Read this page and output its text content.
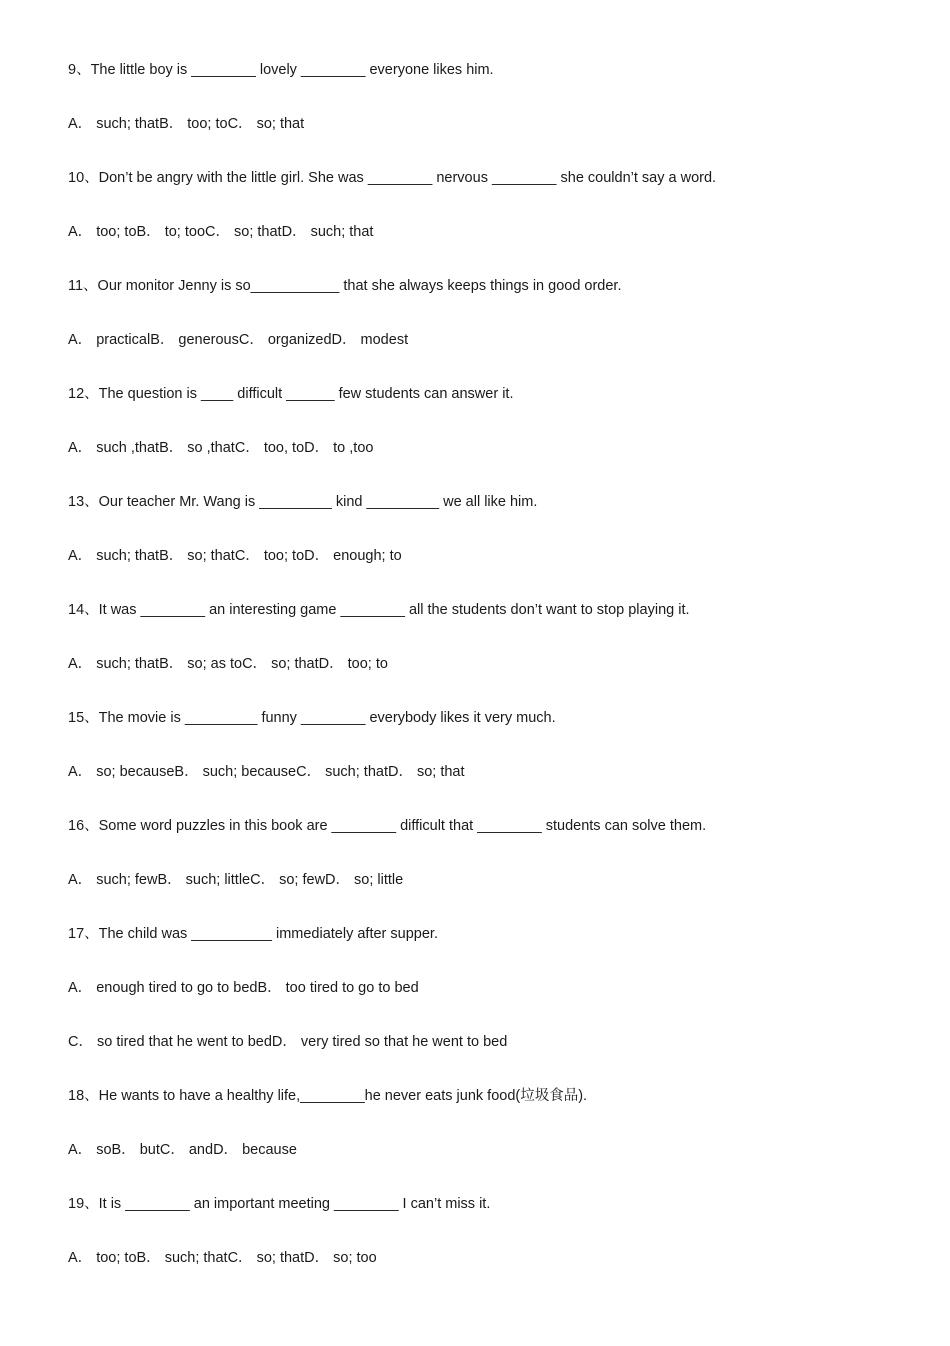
9、The little boy is ________ lovely ________ everyone likes him.
A． such; thatB． too; toC． so; that
10、Don’t be angry with the little girl. She was ________ nervous ________ she couldn’t say a word.
A． too; toB． to; tooC． so; thatD． such; that
11、Our monitor Jenny is so___________ that she always keeps things in good order.
A． practicalB． generousC． organizedD． modest
12、The question is ____ difficult ______ few students can answer it.
A． such ,thatB． so ,thatC． too, toD． to ,too
13、Our teacher Mr. Wang is _________ kind _________ we all like him.
A． such; thatB． so; thatC． too; toD． enough; to
14、It was ________ an interesting game ________ all the students don’t want to stop playing it.
A． such; thatB． so; as toC． so; thatD． too; to
15、The movie is _________ funny ________ everybody likes it very much.
A． so; becauseB． such; becauseC． such; thatD． so; that
16、Some word puzzles in this book are ________ difficult that ________ students can solve them.
A． such; fewB． such; littleC． so; fewD． so; little
17、The child was __________ immediately after supper.
A． enough tired to go to bedB． too tired to go to bed
C． so tired that he went to bedD． very tired so that he went to bed
18、He wants to have a healthy life,________he never eats junk food(垃圾食品).
A． soB． butC． andD． because
19、It is ________ an important meeting ________ I can’t miss it.
A． too; toB． such; thatC． so; thatD． so; too
